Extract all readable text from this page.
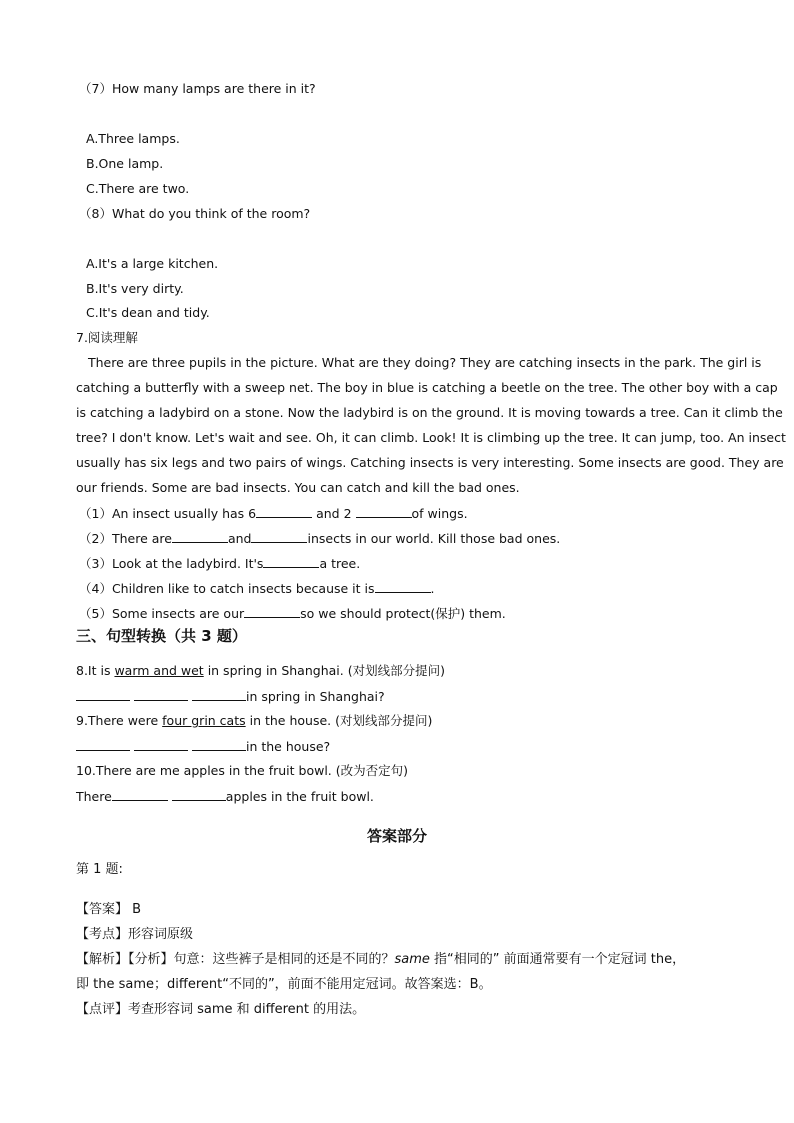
（7）How many lamps are there in it?
A.Three lamps.
B.One lamp.
C.There are two.
（8）What do you think of the room?
A.It's a large kitchen.
B.It's very dirty.
C.It's dean and tidy.
7.阅读理解
There are three pupils in the picture. What are they doing? They are catching insects in the park. The girl is
catching a butterfly with a sweep net. The boy in blue is catching a beetle on the tree. The other boy with a cap
is catching a ladybird on a stone. Now the ladybird is on the ground. It is moving towards a tree. Can it climb the
tree? I don't know. Let's wait and see. Oh, it can climb. Look! It is climbing up the tree. It can jump, too. An insect
usually has six legs and two pairs of wings. Catching insects is very interesting. Some insects are good. They are
our friends. Some are bad insects. You can catch and kill the bad ones.
（1）An insect usually has 6	and 2	of wings.
（2）There are	and	insects in our world. Kill those bad ones.
（3）Look at the ladybird. It's	a tree.
（4）Children like to catch insects because it is	.
（5）Some insects are our	so we should protect(保护) them.
三、句型转换（共 3 题）
8.It is warm and wet in spring in Shanghai. (对划线部分提问)
in spring in Shanghai?
9.There were four grin cats in the house. (对划线部分提问)
in the house?
10.There are me apples in the fruit bowl. (改为否定句)
There	apples in the fruit bowl.
答案部分
第 1 题:
【答案】 B
【考点】形容词原级
【解析】【分析】句意：这些裤子是相同的还是不同的？same 指“相同的” 前面通常要有一个定冠词 the，
即 the same；different“不同的”，前面不能用定冠词。故答案选：B。
【点评】考查形容词 same 和 different 的用法。
